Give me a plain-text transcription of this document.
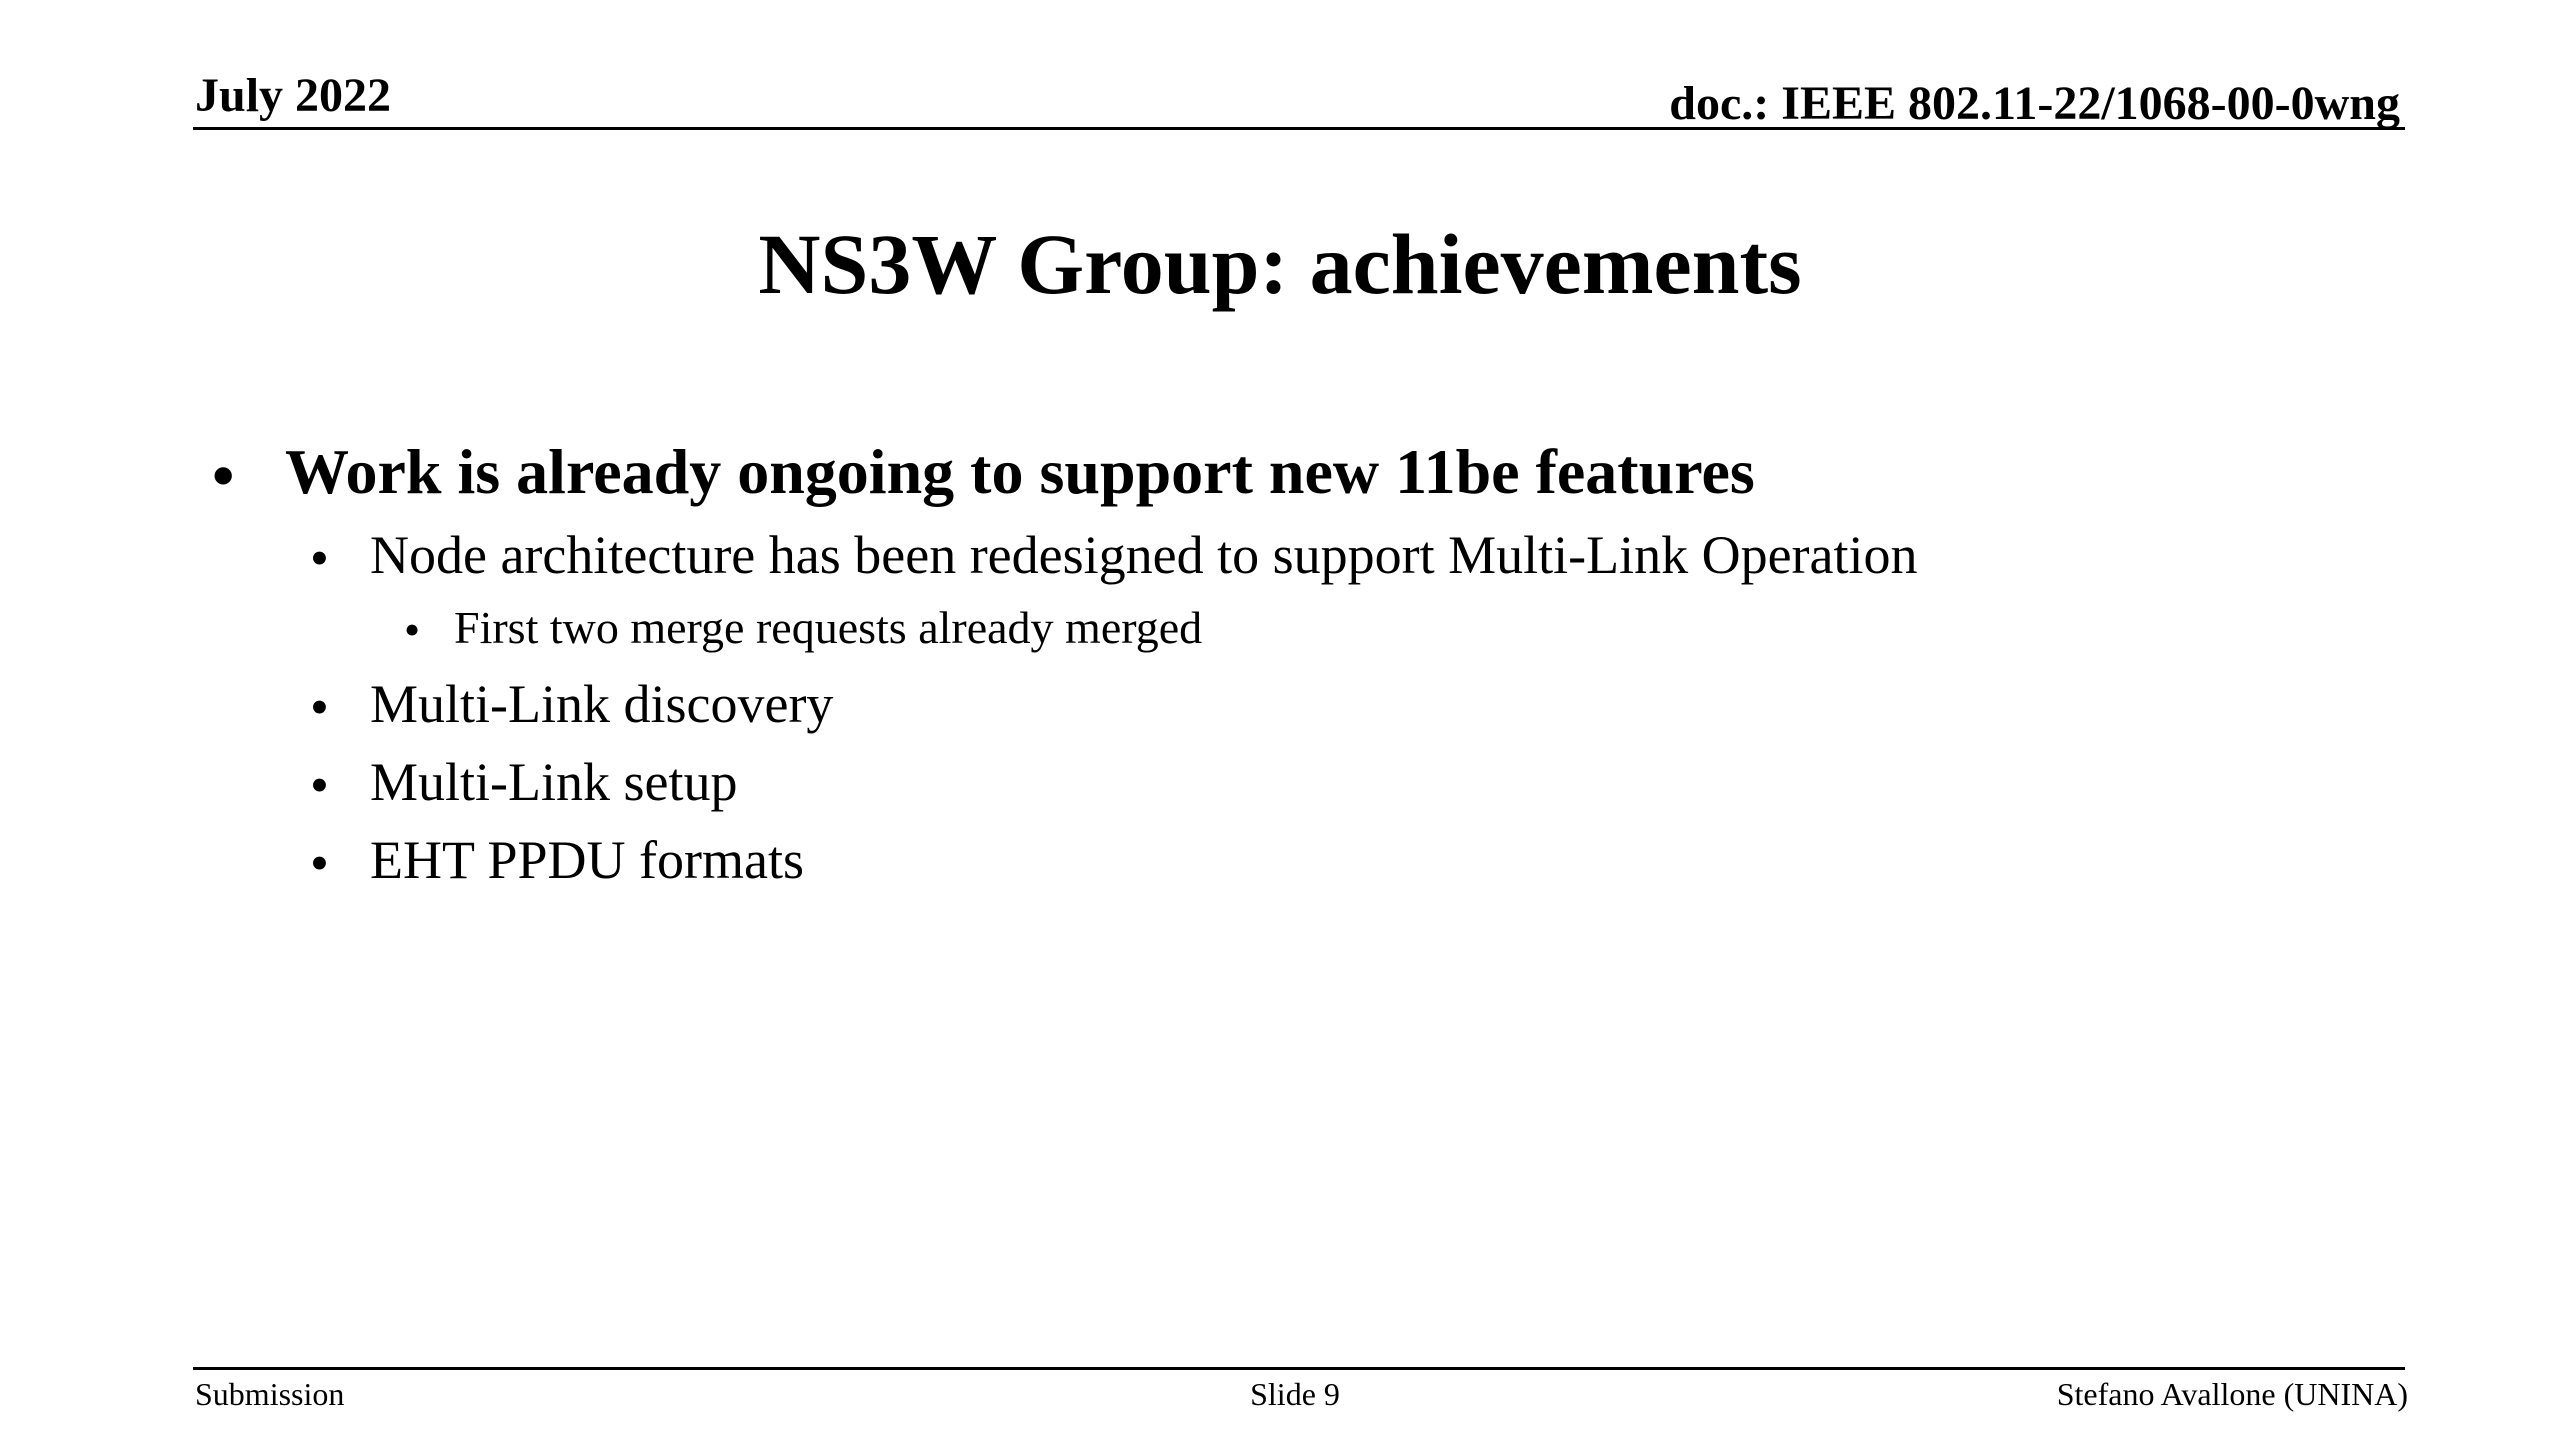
July 2022	doc.: IEEE 802.11-22/1068-00-0wng
NS3W Group: achievements
• Work is already ongoing to support new 11be features
• Node architecture has been redesigned to support Multi-Link Operation
• First two merge requests already merged
• Multi-Link discovery
• Multi-Link setup
• EHT PPDU formats
Submission	Slide 9	Stefano Avallone (UNINA)
